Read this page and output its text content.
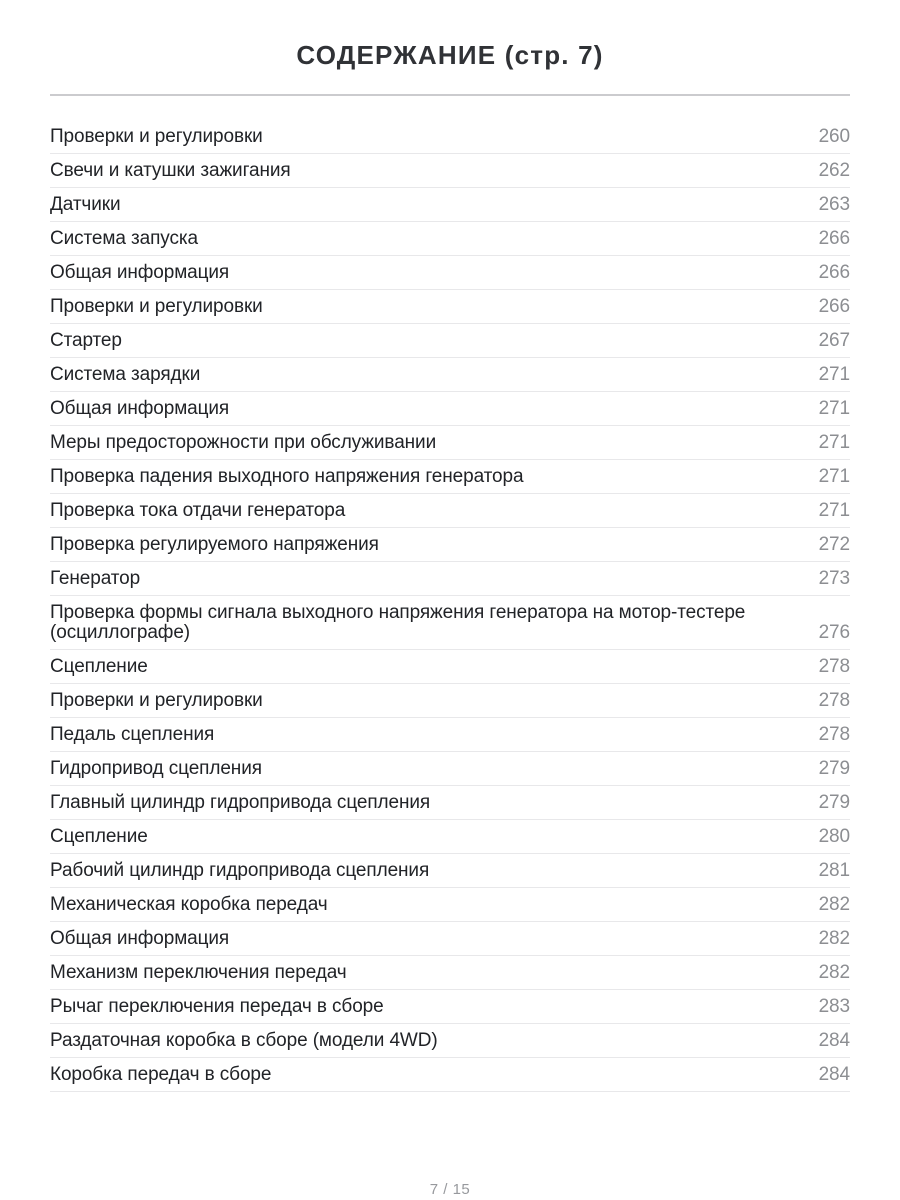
СОДЕРЖАНИЕ (стр. 7)
Проверки и регулировки	260
Свечи и катушки зажигания	262
Датчики	263
Система запуска	266
Общая информация	266
Проверки и регулировки	266
Стартер	267
Система зарядки	271
Общая информация	271
Меры предосторожности при обслуживании	271
Проверка падения выходного напряжения генератора	271
Проверка тока отдачи генератора	271
Проверка регулируемого напряжения	272
Генератор	273
Проверка формы сигнала выходного напряжения генератора на мотор-тестере (осциллографе)	276
Сцепление	278
Проверки и регулировки	278
Педаль сцепления	278
Гидропривод сцепления	279
Главный цилиндр гидропривода сцепления	279
Сцепление	280
Рабочий цилиндр гидропривода сцепления	281
Механическая коробка передач	282
Общая информация	282
Механизм переключения передач	282
Рычаг переключения передач в сборе	283
Раздаточная коробка в сборе (модели 4WD)	284
Коробка передач в сборе	284
7 / 15
